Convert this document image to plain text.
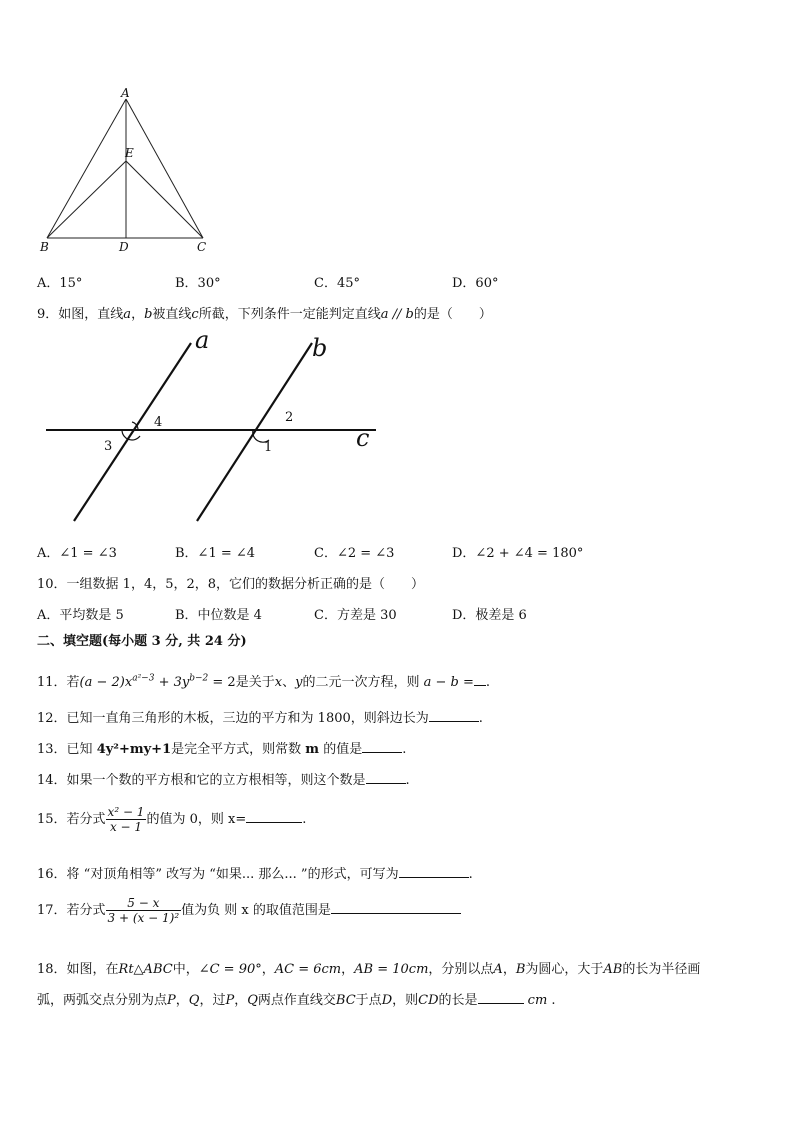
A
E
B	D	C
A．15°	B．30°	C．45°	D．60°
9．如图，直线a，b被直线c所截，下列条件一定能判定直线a // b的是（　　）
a	b
c
4
3
2
1
A．∠1 = ∠3	B．∠1 = ∠4	C．∠2 = ∠3	D．∠2 + ∠4 = 180°
10．一组数据 1，4，5，2，8，它们的数据分析正确的是（　　）
A．平均数是 5	B．中位数是 4	C．方差是 30	D．极差是 6
二、填空题(每小题 3 分, 共 24 分)
11．若$(a - 2)x^{a^2-3} + 3y^{b-2} = 2$是关于x、y的二元一次方程，则 a − b = .
12．已知一直角三角形的木板，三边的平方和为 1800，则斜边长为	.
13．已知 4y²+my+1是完全平方式，则常数 m 的值是	.
14．如果一个数的平方根和它的立方根相等，则这个数是	.
15．若分式 $\frac{\text{x² − 1}}{x - 1}$ 的值为 0，则 x=	.
16．将 “对顶角相等” 改写为 “如果... 那么... ”的形式，可写为	.
17．若分式 $\frac{5 - x}{\text{3 + (x − 1)²}}$ 值为负 则 x 的取值范围是
18．如图，在Rt△ABC中，∠C = 90°，AC = 6cm，AB = 10cm，分别以点A，B为圆心，大于AB的长为半径画
弧，两弧交点分别为点P，Q，过P，Q两点作直线交BC于点D，则CD的长是	cm .
